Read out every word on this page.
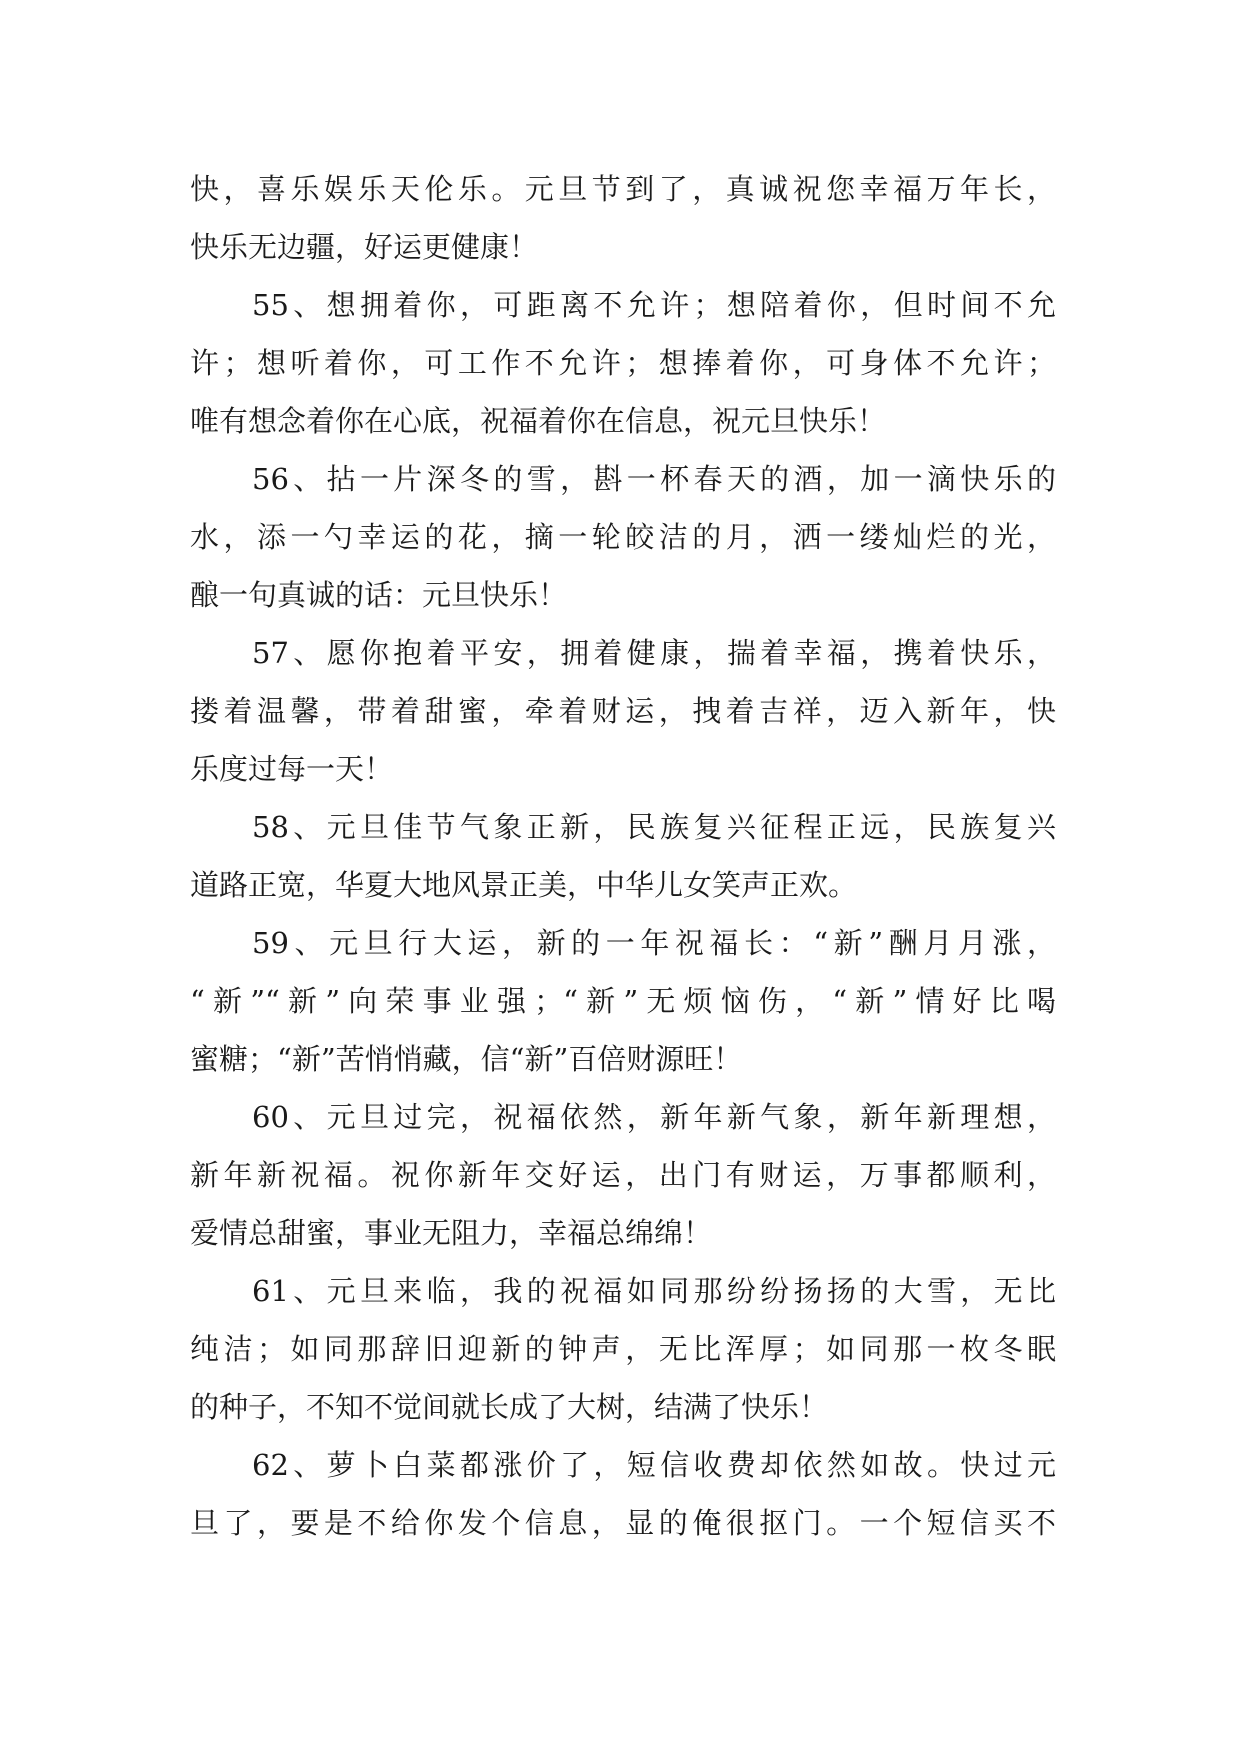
快，喜乐娱乐天伦乐。元旦节到了，真诚祝您幸福万年长，
快乐无边疆，好运更健康！
55、想拥着你，可距离不允许；想陪着你，但时间不允
许；想听着你，可工作不允许；想捧着你，可身体不允许；
唯有想念着你在心底，祝福着你在信息，祝元旦快乐！
56、拈一片深冬的雪，斟一杯春天的酒，加一滴快乐的
水，添一勺幸运的花，摘一轮皎洁的月，洒一缕灿烂的光，
酿一句真诚的话：元旦快乐！
57、愿你抱着平安，拥着健康，揣着幸福，携着快乐，
搂着温馨，带着甜蜜，牵着财运，拽着吉祥，迈入新年，快
乐度过每一天！
58、元旦佳节气象正新，民族复兴征程正远，民族复兴
道路正宽，华夏大地风景正美，中华儿女笑声正欢。
59、元旦行大运，新的一年祝福长：“新”酬月月涨，
“新”“新”向荣事业强；“新”无烦恼伤，“新”情好比喝
蜜糖；“新”苦悄悄藏，信“新”百倍财源旺！
60、元旦过完，祝福依然，新年新气象，新年新理想，
新年新祝福。祝你新年交好运，出门有财运，万事都顺利，
爱情总甜蜜，事业无阻力，幸福总绵绵！
61、元旦来临，我的祝福如同那纷纷扬扬的大雪，无比
纯洁；如同那辞旧迎新的钟声，无比浑厚；如同那一枚冬眠
的种子，不知不觉间就长成了大树，结满了快乐！
62、萝卜白菜都涨价了，短信收费却依然如故。快过元
旦了，要是不给你发个信息，显的俺很抠门。一个短信买不
